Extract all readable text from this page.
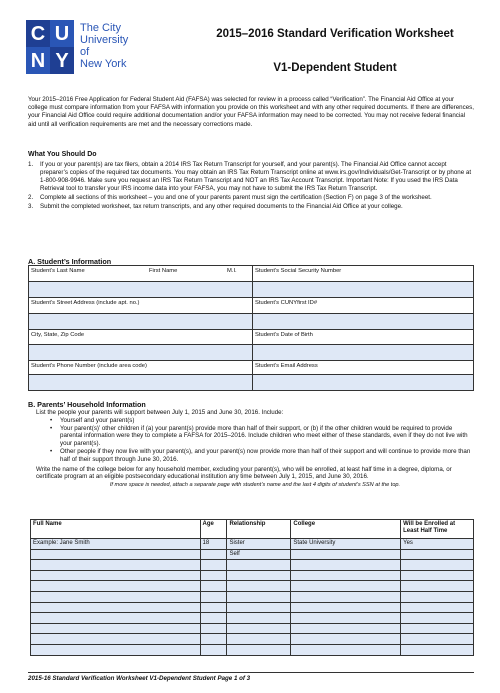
C U
N Y
The City
University
of
New York
2015–2016 Standard Verification Worksheet
V1-Dependent Student
Your 2015–2016 Free Application for Federal Student Aid (FAFSA) was selected for review in a process called “Verification”. The Financial Aid Office at your college must compare information from your FAFSA with information you provide on this worksheet and with any other required documents. If there are differences, your Financial Aid Office could require additional documentation and/or your FAFSA information may need to be corrected. You may not receive federal financial aid until all verification requirements are met and the necessary corrections made.
What You Should Do
1.	If you or your parent(s) are tax filers, obtain a 2014 IRS Tax Return Transcript for yourself, and your parent(s). The Financial Aid Office cannot accept preparer’s copies of the required tax documents. You may obtain an IRS Tax Return Transcript online at www.irs.gov/Individuals/Get-Transcript or by phone at 1-800-908-9946. Make sure you request an IRS Tax Return Transcript and NOT an IRS Tax Account Transcript. Important Note: If you used the IRS Data Retrieval tool to transfer your IRS income data into your FAFSA, you may not have to submit the IRS Tax Return Transcript.
2.	Complete all sections of this worksheet – you and one of your parents parent must sign the certification (Section F) on page 3 of the worksheet.
3.	Submit the completed worksheet, tax return transcripts, and any other required documents to the Financial Aid Office at your college.
A. Student’s Information
Student’s Last Name	First Name	M.I.	Student’s Social Security Number
Student’s Street Address (include apt. no.)	Student’s CUNYfirst ID#
City, State, Zip Code	Student’s Date of Birth
Student’s Phone Number (include area code)	Student’s Email Address
B. Parents’ Household Information
List the people your parents will support between July 1, 2015 and June 30, 2016. Include:
•	Yourself and your parent(s)
•	Your parent(s)’ other children if (a) your parent(s) provide more than half of their support, or (b) if the other children would be required to provide parental information were they to complete a FAFSA for 2015–2016. Include children who meet either of these standards, even if they do not live with your parent(s).
•	Other people if they now live with your parent(s), and your parent(s) now provide more than half of their support and will continue to provide more than half of their support through June 30, 2016.
Write the name of the college below for any household member, excluding your parent(s), who will be enrolled, at least half time in a degree, diploma, or certificate program at an eligible postsecondary educational institution any time between July 1, 2015, and June 30, 2016.
If more space is needed, attach a separate page with student’s name and the last 4 digits of student’s SSN at the top.
Full Name	Age	Relationship	College	Will be Enrolled at Least Half Time
Example: Jane Smith	18	Sister	State University	Yes
		Self		

2015-16 Standard Verification Worksheet V1-Dependent Student Page 1 of 3
